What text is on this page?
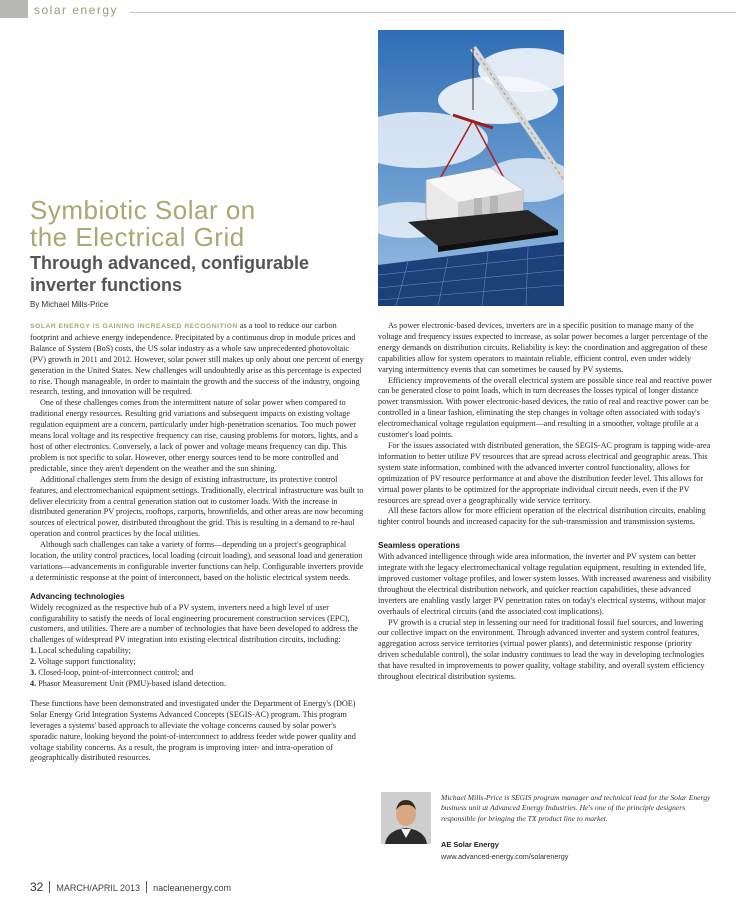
solar energy
Symbiotic Solar on
the Electrical Grid
Through advanced, configurable inverter functions
By Michael Mills-Price

SOLAR ENERGY IS GAINING INCREASED RECOGNITION as a tool to reduce our carbon footprint and achieve energy independence. Precipitated by a continuous drop in module prices and Balance of System (BoS) costs, the US solar industry as a whole saw unprecedented photovoltaic (PV) growth in 2011 and 2012. However, solar power still makes up only about one percent of energy generation in the United States. New challenges will undoubtedly arise as this percentage is expected to rise. Though manageable, in order to maintain the growth and the success of the industry, ongoing research, testing, and innovation will be required.

One of these challenges comes from the intermittent nature of solar power when compared to traditional energy resources. Resulting grid variations and subsequent impacts on existing voltage regulation equipment are a concern, particularly under high-penetration scenarios. Too much power means local voltage and its respective frequency can rise, causing problems for motors, lights, and a host of other electronics. Conversely, a lack of power and voltage means frequency can dip. This problem is not specific to solar. However, other energy sources tend to be more controlled and predictable, since they aren't dependent on the weather and the sun shining.

Additional challenges stem from the design of existing infrastructure, its protective control features, and electromechanical equipment settings. Traditionally, electrical infrastructure was built to deliver electricity from a central generation station out to customer loads. With the increase in distributed generation PV projects, rooftops, carports, brownfields, and other areas are now becoming sources of electrical power, distributed throughout the grid. This is resulting in a demand to re-haul operation and control practices by the local utilities.

Although such challenges can take a variety of forms—depending on a project's geographical location, the utility control practices, local loading (circuit loading), and seasonal load and generation variations—advancements in configurable inverter functions can help. Configurable inverters provide a deterministic response at the point of interconnect, based on the holistic electrical system needs.

Advancing technologies

Widely recognized as the respective hub of a PV system, inverters need a high level of user configurability to satisfy the needs of local engineering procurement construction services (EPC), customers, and utilities. There are a number of technologies that have been developed to address the challenges of widespread PV integration into existing electrical distribution circuits, including:

1. Local scheduling capability;
2. Voltage support functionality;
3. Closed-loop, point-of-interconnect control; and
4. Phasor Measurement Unit (PMU)-based island detection.

These functions have been demonstrated and investigated under the Department of Energy's (DOE) Solar Energy Grid Integration Systems Advanced Concepts (SEGIS-AC) program. This program leverages a systems' based approach to alleviate the voltage concerns caused by solar power's sporadic nature, looking beyond the point-of-interconnect to address feeder wide power quality and voltage stability concerns. As a result, the program is improving inter- and intra-operation of geographically distributed resources.

As power electronic-based devices, inverters are in a specific position to manage many of the voltage and frequency issues expected to increase, as solar power becomes a larger percentage of the energy demands on distribution circuits. Reliability is key: the coordination and aggregation of these capabilities allow for system operators to maintain reliable, efficient control, even under widely varying intermittency events that can sometimes be caused by PV systems.

Efficiency improvements of the overall electrical system are possible since real and reactive power can be generated close to point loads, which in turn decreases the losses typical of longer distance power transmission. With power electronic-based devices, the ratio of real and reactive power can be controlled in a linear fashion, eliminating the step changes in voltage often associated with today's electromechanical voltage regulation equipment—and resulting in a smoother, voltage profile at a customer's load points.

For the issues associated with distributed generation, the SEGIS-AC program is tapping wide-area information to better utilize PV resources that are spread across electrical and geographic areas. This system state information, combined with the advanced inverter control functionality, allows for optimization of PV resource performance at and above the distribution feeder level. This allows for virtual power plants to be optimized for the appropriate individual circuit needs, even if the PV resources are spread over a geographically wide service territory.

All these factors allow for more efficient operation of the electrical distribution circuits, enabling tighter control bounds and increased capacity for the sub-transmission and transmission systems.

Seamless operations

With advanced intelligence through wide area information, the inverter and PV system can better integrate with the legacy electromechanical voltage regulation equipment, resulting in extended life, improved customer voltage profiles, and lower system losses. With increased awareness and visibility throughout the electrical distribution network, and quicker reaction capabilities, these advanced inverters are enabling vastly larger PV penetration rates on today's electrical systems, without major overhauls of electrical circuits (and the associated cost implications).

PV growth is a crucial step in lessening our need for traditional fossil fuel sources, and lowering our collective impact on the environment. Through advanced inverter and system control features, aggregation across service territories (virtual power plants), and deterministic response (priority driven schedulable control), the solar industry continues to lead the way in developing technologies that have resulted in improvements to power quality, voltage stability, and overall system efficiency throughout electrical distribution systems.

Michael Mills-Price is SEGIS program manager and technical lead for the Solar Energy business unit at Advanced Energy Industries. He's one of the principle designers responsible for bringing the TX product line to market.
AE Solar Energy
www.advanced-energy.com/solarenergy
32 MARCH/APRIL 2013 nacleanenergy.com
